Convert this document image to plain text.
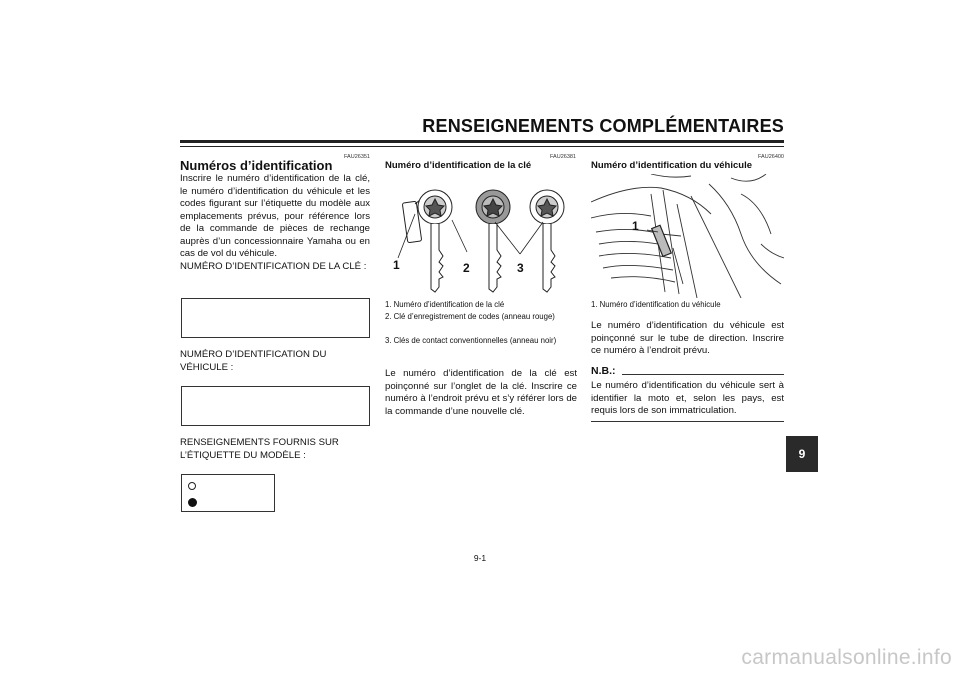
RENSEIGNEMENTS COMPLÉMENTAIRES
FAU26351
Numéros d’identification
Inscrire le numéro d’identification de la clé, le numéro d’identification du véhicule et les codes figurant sur l’étiquette du modèle aux emplacements prévus, pour référence lors de la commande de pièces de rechange auprès d’un concessionnaire Yamaha ou en cas de vol du véhicule.
NUMÉRO D’IDENTIFICATION DE LA CLÉ :
NUMÉRO D’IDENTIFICATION DU VÉHICULE :
RENSEIGNEMENTS FOURNIS SUR L’ÉTIQUETTE DU MODÈLE :
FAU26381
Numéro d’identification de la clé
1	2	3
1. Numéro d’identification de la clé
2. Clé d’enregistrement de codes (anneau rouge)
3. Clés de contact conventionnelles (anneau noir)
Le numéro d’identification de la clé est poinçonné sur l’onglet de la clé. Inscrire ce numéro à l’endroit prévu et s’y référer lors de la commande d’une nouvelle clé.
FAU26400
Numéro d’identification du véhicule
1
1. Numéro d’identification du véhicule
Le numéro d’identification du véhicule est poinçonné sur le tube de direction. Inscrire ce numéro à l’endroit prévu.
N.B.:
Le numéro d’identification du véhicule sert à identifier la moto et, selon les pays, est requis lors de son immatriculation.
9
9-1
carmanualsonline.info
